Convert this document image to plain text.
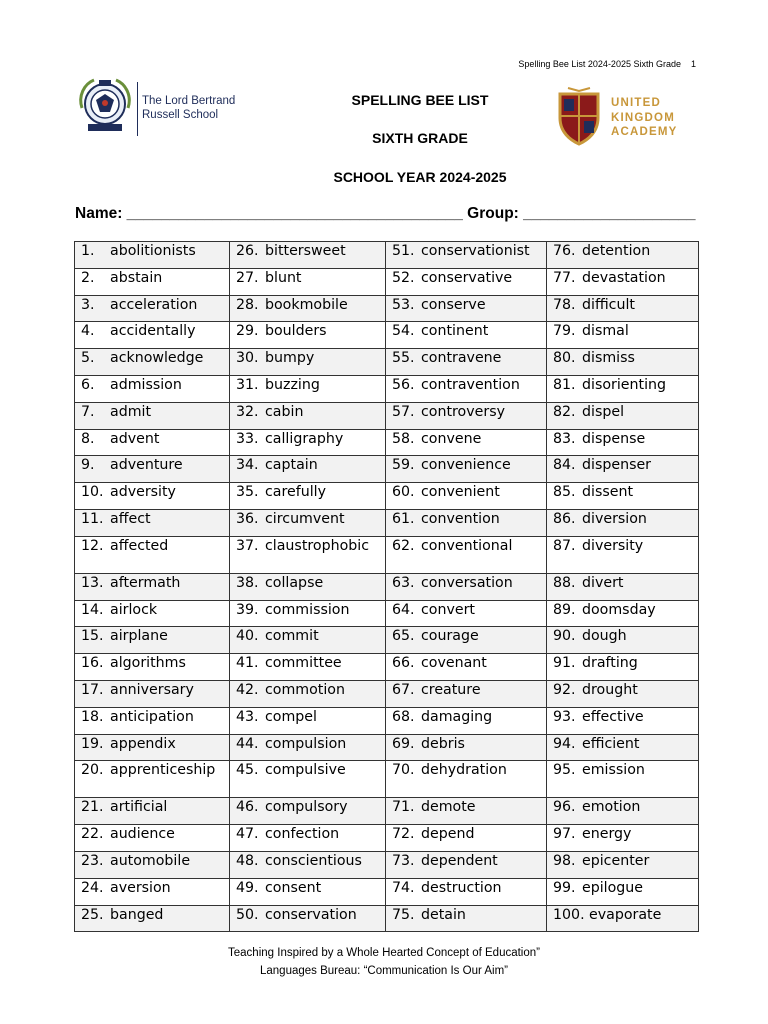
Spelling Bee List 2024-2025 Sixth Grade 1
The Lord Bertrand
Russell School
UNITED
KINGDOM
ACADEMY
SPELLING BEE LIST
SIXTH GRADE
SCHOOL YEAR 2024-2025
Name: _______________________________________ Group: ____________________
1. abolitionists	26. bittersweet	51. conservationist	76. detention
2. abstain	27. blunt	52. conservative	77. devastation
3. acceleration	28. bookmobile	53. conserve	78. difficult
4. accidentally	29. boulders	54. continent	79. dismal
5. acknowledge	30. bumpy	55. contravene	80. dismiss
6. admission	31. buzzing	56. contravention	81. disorienting
7. admit	32. cabin	57. controversy	82. dispel
8. advent	33. calligraphy	58. convene	83. dispense
9. adventure	34. captain	59. convenience	84. dispenser
10. adversity	35. carefully	60. convenient	85. dissent
11. affect	36. circumvent	61. convention	86. diversion
12. affected	37. claustrophobic	62. conventional	87. diversity
13. aftermath	38. collapse	63. conversation	88. divert
14. airlock	39. commission	64. convert	89. doomsday
15. airplane	40. commit	65. courage	90. dough
16. algorithms	41. committee	66. covenant	91. drafting
17. anniversary	42. commotion	67. creature	92. drought
18. anticipation	43. compel	68. damaging	93. effective
19. appendix	44. compulsion	69. debris	94. efficient
20. apprenticeship	45. compulsive	70. dehydration	95. emission
21. artificial	46. compulsory	71. demote	96. emotion
22. audience	47. confection	72. depend	97. energy
23. automobile	48. conscientious	73. dependent	98. epicenter
24. aversion	49. consent	74. destruction	99. epilogue
25. banged	50. conservation	75. detain	100. evaporate
Teaching Inspired by a Whole Hearted Concept of Education”
Languages Bureau: “Communication Is Our Aim”
